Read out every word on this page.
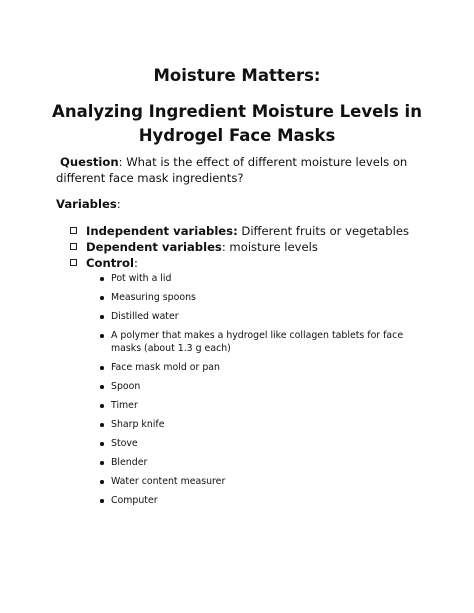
Moisture Matters:
Analyzing Ingredient Moisture Levels in Hydrogel Face Masks
Question: What is the effect of different moisture levels on different face mask ingredients?
Variables:
Independent variables: Different fruits or vegetables
Dependent variables: moisture levels
Control:
Pot with a lid
Measuring spoons
Distilled water
A polymer that makes a hydrogel like collagen tablets for face masks (about 1.3 g each)
Face mask mold or pan
Spoon
Timer
Sharp knife
Stove
Blender
Water content measurer
Computer
